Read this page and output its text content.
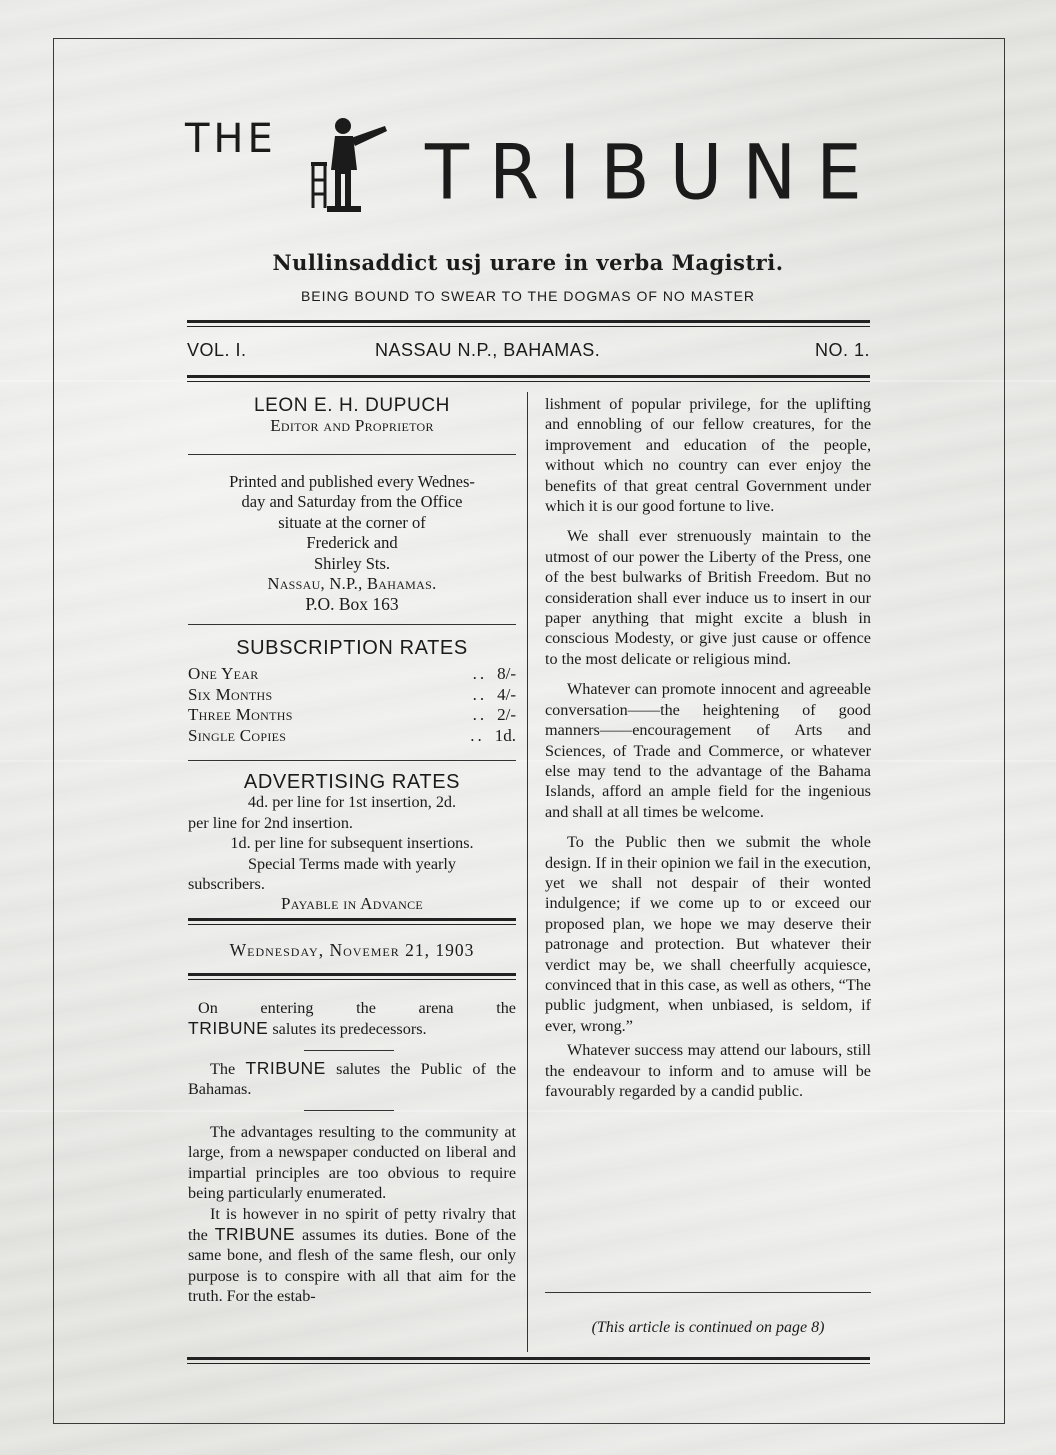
THE TRIBUNE
Nullinsaddict usj urare in verba Magistri.
BEING BOUND TO SWEAR TO THE DOGMAS OF NO MASTER
VOL. I.	NASSAU N.P., BAHAMAS.	NO. 1.
LEON E. H. DUPUCH
Editor and Proprietor
Printed and published every Wednes-
day and Saturday from the Office
situate at the corner of
Frederick and
Shirley Sts.
Nassau, N.P., Bahamas.
P.O. Box 163
SUBSCRIPTION RATES
One Year	.. 8/-
Six Months	.. 4/-
Three Months	.. 2/-
Single Copies	.. 1d.
ADVERTISING RATES
4d. per line for 1st insertion, 2d.
per line for 2nd insertion.
1d. per line for subsequent insertions.
Special Terms made with yearly
subscribers.
Payable in Advance
Wednesday, Novemer 21, 1903

On entering the arena the

TRIBUNE salutes its predecessors.

The TRIBUNE salutes the Public of the Bahamas.

The advantages resulting to the community at large, from a newspaper conducted on liberal and impartial principles are too obvious to require being particularly enumerated.

It is however in no spirit of petty rivalry that the TRIBUNE assumes its duties. Bone of the same bone, and flesh of the same flesh, our only purpose is to conspire with all that aim for the truth. For the estab-

lishment of popular privilege, for the uplifting and ennobling of our fellow creatures, for the improvement and education of the people, without which no country can ever enjoy the benefits of that great central Government under which it is our good fortune to live.

We shall ever strenuously maintain to the utmost of our power the Liberty of the Press, one of the best bulwarks of British Freedom. But no consideration shall ever induce us to insert in our paper anything that might excite a blush in conscious Modesty, or give just cause or offence to the most delicate or religious mind.

Whatever can promote innocent and agreeable conversation——the heightening of good manners——encouragement of Arts and Sciences, of Trade and Commerce, or whatever else may tend to the advantage of the Bahama Islands, afford an ample field for the ingenious and shall at all times be welcome.

To the Public then we submit the whole design. If in their opinion we fail in the execution, yet we shall not despair of their wonted indulgence; if we come up to or exceed our proposed plan, we hope we may deserve their patronage and protection. But whatever their verdict may be, we shall cheerfully acquiesce, convinced that in this case, as well as others, “The public judgment, when unbiased, is seldom, if ever, wrong.”

Whatever success may attend our labours, still the endeavour to inform and to amuse will be favourably regarded by a candid public.

(This article is continued on page 8)
